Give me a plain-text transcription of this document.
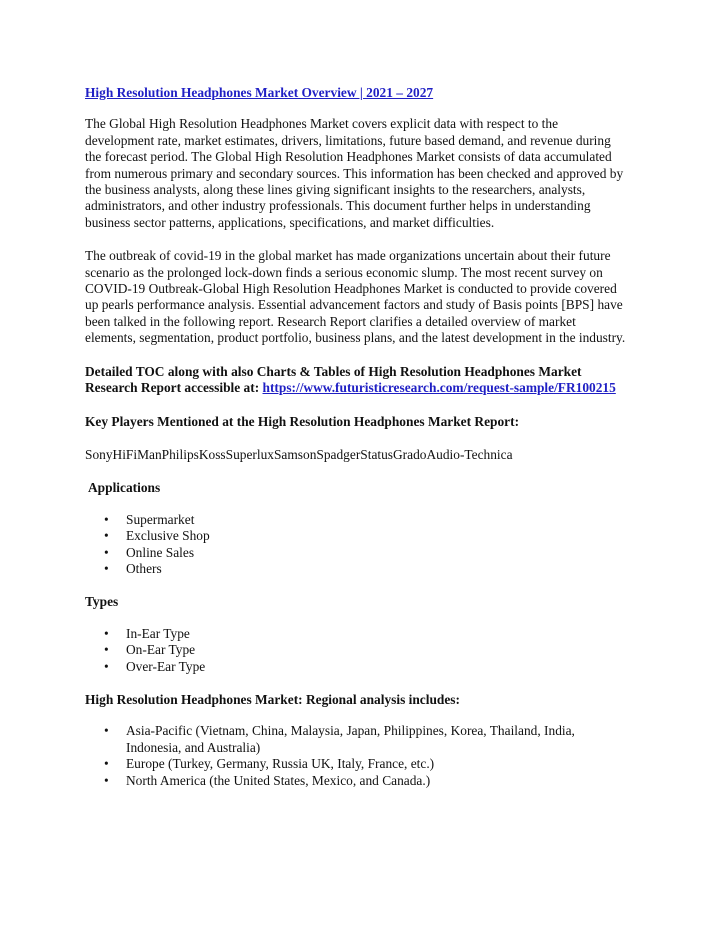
High Resolution Headphones Market Overview | 2021 – 2027

The Global High Resolution Headphones Market covers explicit data with respect to the development rate, market estimates, drivers, limitations, future based demand, and revenue during the forecast period. The Global High Resolution Headphones Market consists of data accumulated from numerous primary and secondary sources. This information has been checked and approved by the business analysts, along these lines giving significant insights to the researchers, analysts, administrators, and other industry professionals. This document further helps in understanding business sector patterns, applications, specifications, and market difficulties.

The outbreak of covid-19 in the global market has made organizations uncertain about their future scenario as the prolonged lock-down finds a serious economic slump. The most recent survey on COVID-19 Outbreak-Global High Resolution Headphones Market is conducted to provide covered up pearls performance analysis. Essential advancement factors and study of Basis points [BPS] have been talked in the following report. Research Report clarifies a detailed overview of market elements, segmentation, product portfolio, business plans, and the latest development in the industry.

Detailed TOC along with also Charts & Tables of High Resolution Headphones Market Research Report accessible at: https://www.futuristicresearch.com/request-sample/FR100215

Key Players Mentioned at the High Resolution Headphones Market Report:

SonyHiFiManPhilipsKossSuperluxSamsonSpadgerStatusGradoAudio-Technica

Applications

• Supermarket
• Exclusive Shop
• Online Sales
• Others

Types

• In-Ear Type
• On-Ear Type
• Over-Ear Type

High Resolution Headphones Market: Regional analysis includes:

• Asia-Pacific (Vietnam, China, Malaysia, Japan, Philippines, Korea, Thailand, India, Indonesia, and Australia)
• Europe (Turkey, Germany, Russia UK, Italy, France, etc.)
• North America (the United States, Mexico, and Canada.)
